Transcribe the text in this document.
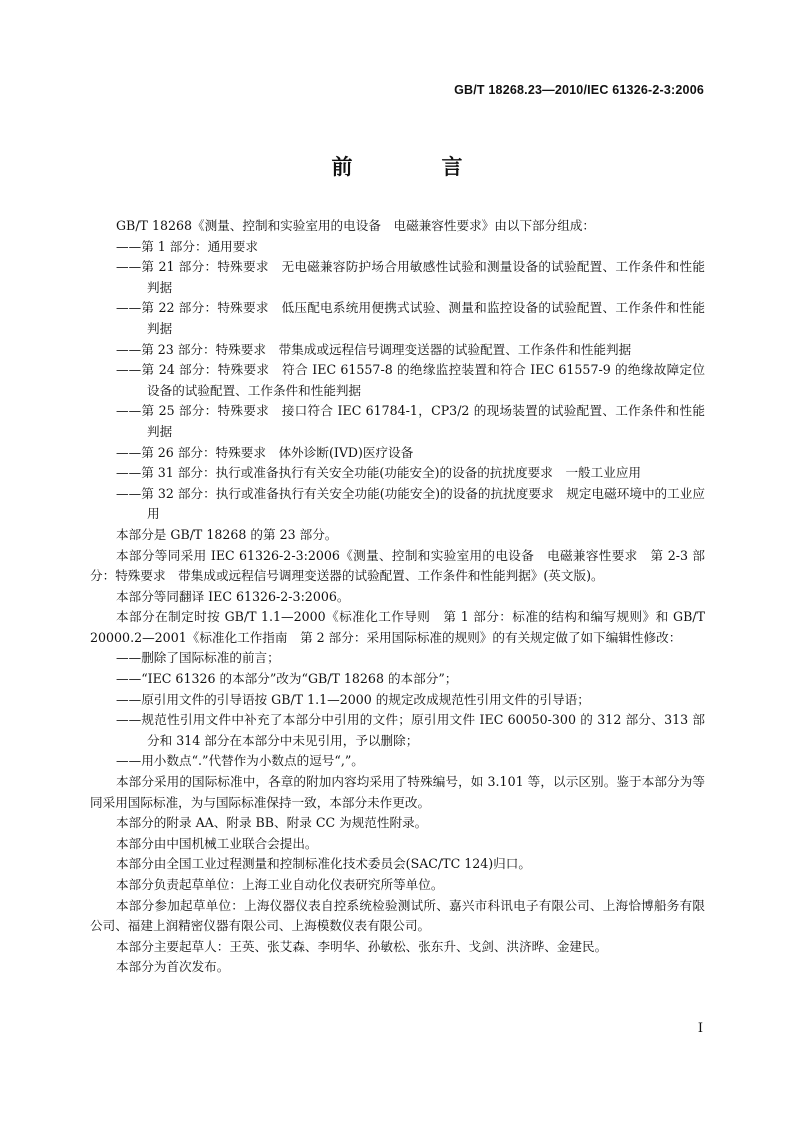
GB/T 18268.23—2010/IEC 61326-2-3:2006
前　言
GB/T 18268《测量、控制和实验室用的电设备　电磁兼容性要求》由以下部分组成：
——第 1 部分：通用要求
——第 21 部分：特殊要求　无电磁兼容防护场合用敏感性试验和测量设备的试验配置、工作条件和性能判据
——第 22 部分：特殊要求　低压配电系统用便携式试验、测量和监控设备的试验配置、工作条件和性能判据
——第 23 部分：特殊要求　带集成或远程信号调理变送器的试验配置、工作条件和性能判据
——第 24 部分：特殊要求　符合 IEC 61557-8 的绝缘监控装置和符合 IEC 61557-9 的绝缘故障定位设备的试验配置、工作条件和性能判据
——第 25 部分：特殊要求　接口符合 IEC 61784-1，CP3/2 的现场装置的试验配置、工作条件和性能判据
——第 26 部分：特殊要求　体外诊断(IVD)医疗设备
——第 31 部分：执行或准备执行有关安全功能(功能安全)的设备的抗扰度要求　一般工业应用
——第 32 部分：执行或准备执行有关安全功能(功能安全)的设备的抗扰度要求　规定电磁环境中的工业应用
本部分是 GB/T 18268 的第 23 部分。
本部分等同采用 IEC 61326-2-3:2006《测量、控制和实验室用的电设备　电磁兼容性要求　第 2-3 部分：特殊要求　带集成或远程信号调理变送器的试验配置、工作条件和性能判据》(英文版)。
本部分等同翻译 IEC 61326-2-3:2006。
本部分在制定时按 GB/T 1.1—2000《标准化工作导则　第 1 部分：标准的结构和编写规则》和 GB/T 20000.2—2001《标准化工作指南　第 2 部分：采用国际标准的规则》的有关规定做了如下编辑性修改：
——删除了国际标准的前言；
——“IEC 61326 的本部分”改为“GB/T 18268 的本部分”；
——原引用文件的引导语按 GB/T 1.1—2000 的规定改成规范性引用文件的引导语；
——规范性引用文件中补充了本部分中引用的文件；原引用文件 IEC 60050-300 的 312 部分、313 部分和 314 部分在本部分中未见引用，予以删除；
——用小数点“.”代替作为小数点的逗号“,”。
本部分采用的国际标准中，各章的附加内容均采用了特殊编号，如 3.101 等，以示区别。鉴于本部分为等同采用国际标准，为与国际标准保持一致，本部分未作更改。
本部分的附录 AA、附录 BB、附录 CC 为规范性附录。
本部分由中国机械工业联合会提出。
本部分由全国工业过程测量和控制标准化技术委员会(SAC/TC 124)归口。
本部分负责起草单位：上海工业自动化仪表研究所等单位。
本部分参加起草单位：上海仪器仪表自控系统检验测试所、嘉兴市科讯电子有限公司、上海恰博船务有限公司、福建上润精密仪器有限公司、上海模数仪表有限公司。
本部分主要起草人：王英、张艾森、李明华、孙敏松、张东升、戈剑、洪济晔、金建民。
本部分为首次发布。
I
